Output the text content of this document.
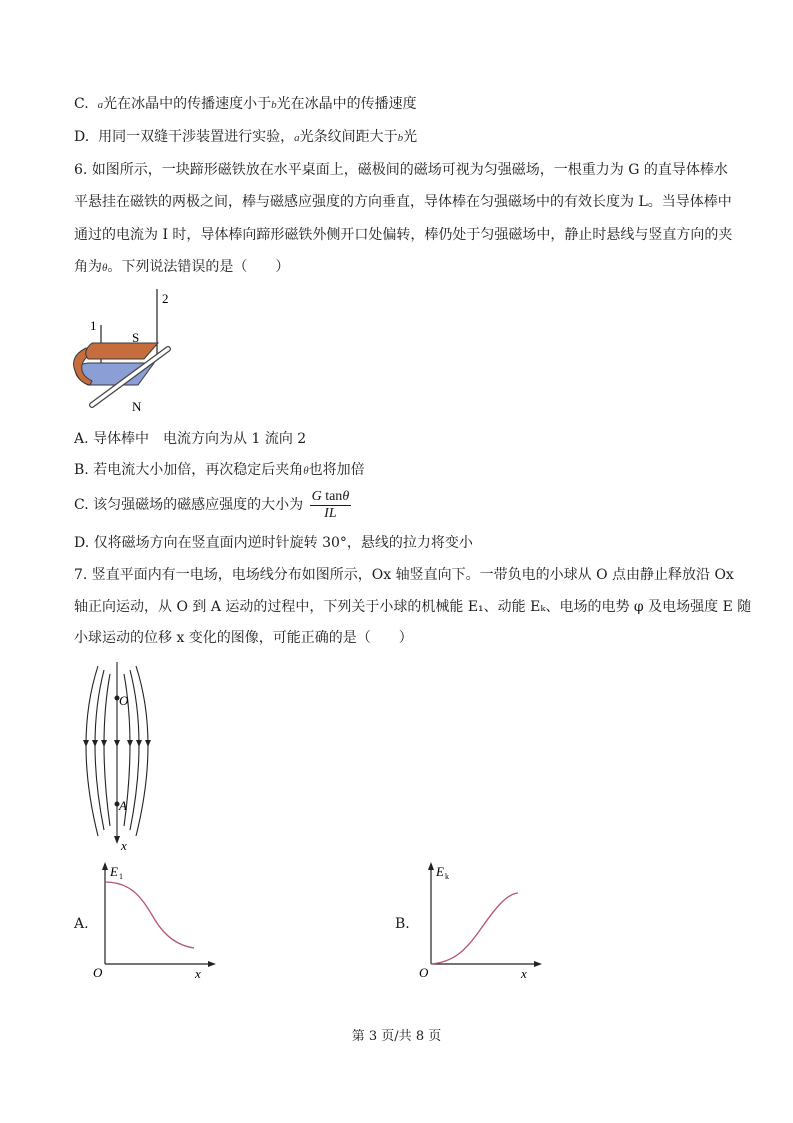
C. a光在冰晶中的传播速度小于b光在冰晶中的传播速度
D. 用同一双缝干涉装置进行实验，a光条纹间距大于b光
6. 如图所示，一块蹄形磁铁放在水平桌面上，磁极间的磁场可视为匀强磁场，一根重力为 G 的直导体棒水
平悬挂在磁铁的两极之间，棒与磁感应强度的方向垂直，导体棒在匀强磁场中的有效长度为 L。当导体棒中
通过的电流为 I 时，导体棒向蹄形磁铁外侧开口处偏转，棒仍处于匀强磁场中，静止时悬线与竖直方向的夹
角为θ。下列说法错误的是（　　）
1
2
S
N
A. 导体棒中　电流方向为从 1 流向 2
B. 若电流大小加倍，再次稳定后夹角θ也将加倍
C. 该匀强磁场的磁感应强度的大小为 $\frac{\text{G tanθ}}{IL}$
D. 仅将磁场方向在竖直面内逆时针旋转 30°，悬线的拉力将变小
7. 竖直平面内有一电场，电场线分布如图所示，Ox 轴竖直向下。一带负电的小球从 O 点由静止释放沿 Ox
轴正向运动，从 O 到 A 运动的过程中，下列关于小球的机械能 E₁、动能 Eₖ、电场的电势 φ 及电场强度 E 随
小球运动的位移 x 变化的图像，可能正确的是（　　）
O
A
x
A.
E 1
O	x
B.
E k
O	x
第 3 页/共 8 页
